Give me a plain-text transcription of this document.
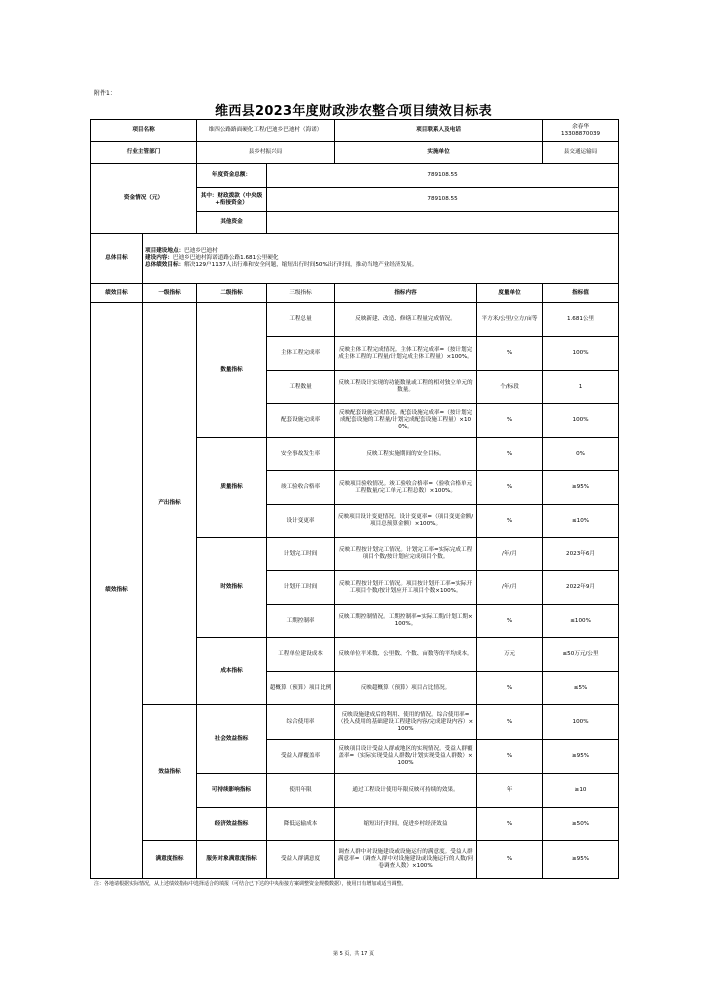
附件1：
维西县2023年度财政涉农整合项目绩效目标表
项目名称		维四公路路面硬化工程/巴迪乡巴迪村（海诺）		项目联系人及电话		余春华
13308870039

行业主管部门		县乡村振兴局		实施单位		县交通运输局
资金情况（元）		年度资金总额：	789108.55			
		其中：财政拨款（中央级+衔接资金）	789108.55			
		其他资金				
总体目标	项目建设地点：巴迪乡巴迪村
建设内容：巴迪乡巴迪村海诺道路公路1.681公里硬化
总体绩效目标：解决129户1137人出行难和安全问题，缩短出行时间50%出行时间，推动当地产业经济发展。					

绩效目标	一级指标	二级指标	三级指标	指标内容	度量单位	指标值
绩效指标	产出指标	数量指标	工程总量	反映新建、改造、修缮工程量完成情况。	平方米/公里/立方/亩等	1.681公里
			主体工程完成率	反映主体工程完成情况。主体工程完成率=（按计划完成主体工程的工程量/计划完成主体工程量）×100%。	%	100%
			工程数量	反映工程设计实现的功能数量或工程的相对独立单元的数量。	个/标段	1
			配套设施完成率	反映配套设施完成情况。配套设施完成率=（按计划完成配套设施的工程量/计划完成配套设施工程量）×100%。	%	100%
		质量指标	安全事故发生率	反映工程实施期间的安全目标。	%	0%
			竣工验收合格率	反映项目验收情况。竣工验收合格率=（验收合格单元工程数量/完工单元工程总数）×100%。	%	≥95%
			设计变更率	反映项目设计变更情况。设计变更率=（项目变更金额/项目总预算金额）×100%。	%	≤10%
		时效指标	计划完工时间	反映工程按计划完工情况。计划完工率=实际完成工程项目个数/按计划应完成项目个数。	/年/月	2023年6月
			计划开工时间	反映工程按计划开工情况。项目按计划开工率=实际开工项目个数/按计划应开工项目个数×100%。	/年/月	2022年9月
			工期控制率	反映工期控制情况。工期控制率=实际工期/计划工期×100%。	%	≤100%
		成本指标	工程单位建设成本	反映单位平米数、公里数、个数、亩数等的平均成本。	万元	≤50万元/公里
			超概算（预算）项目比例	反映超概算（预算）项目占比情况。	%	≤5%
	效益指标	社会效益指标	综合使用率	反映设施建成后的利用、使用的情况。综合使用率=（投入使用的基础建设工程建设内容/完成建设内容）×100%	%	100%
			受益人群覆盖率	反映项目设计受益人群或地区的实现情况。受益人群覆盖率=（实际实现受益人群数/计划实现受益人群数）×100%	%	≥95%
		可持续影响指标	使用年限	通过工程设计使用年限反映可持续的效果。	年	≥10
		经济效益指标	降低运输成本	缩短出行时间，促进乡村经济效益	%	≥50%
	满意度指标	服务对象满意度指标	受益人群满意度	调查人群中对设施建设或设施运行的满意度。受益人群满意率=（调查人群中对设施建设或设施运行的人数/问卷调查人数）×100%	%	≥95%
注：各地请根据实际情况，从上述绩效指标中选择适合的填报（可结合已下达的中央衔接方案调整资金规模数据），使用日有增加或适当调整。
第 5 页，共 17 页
